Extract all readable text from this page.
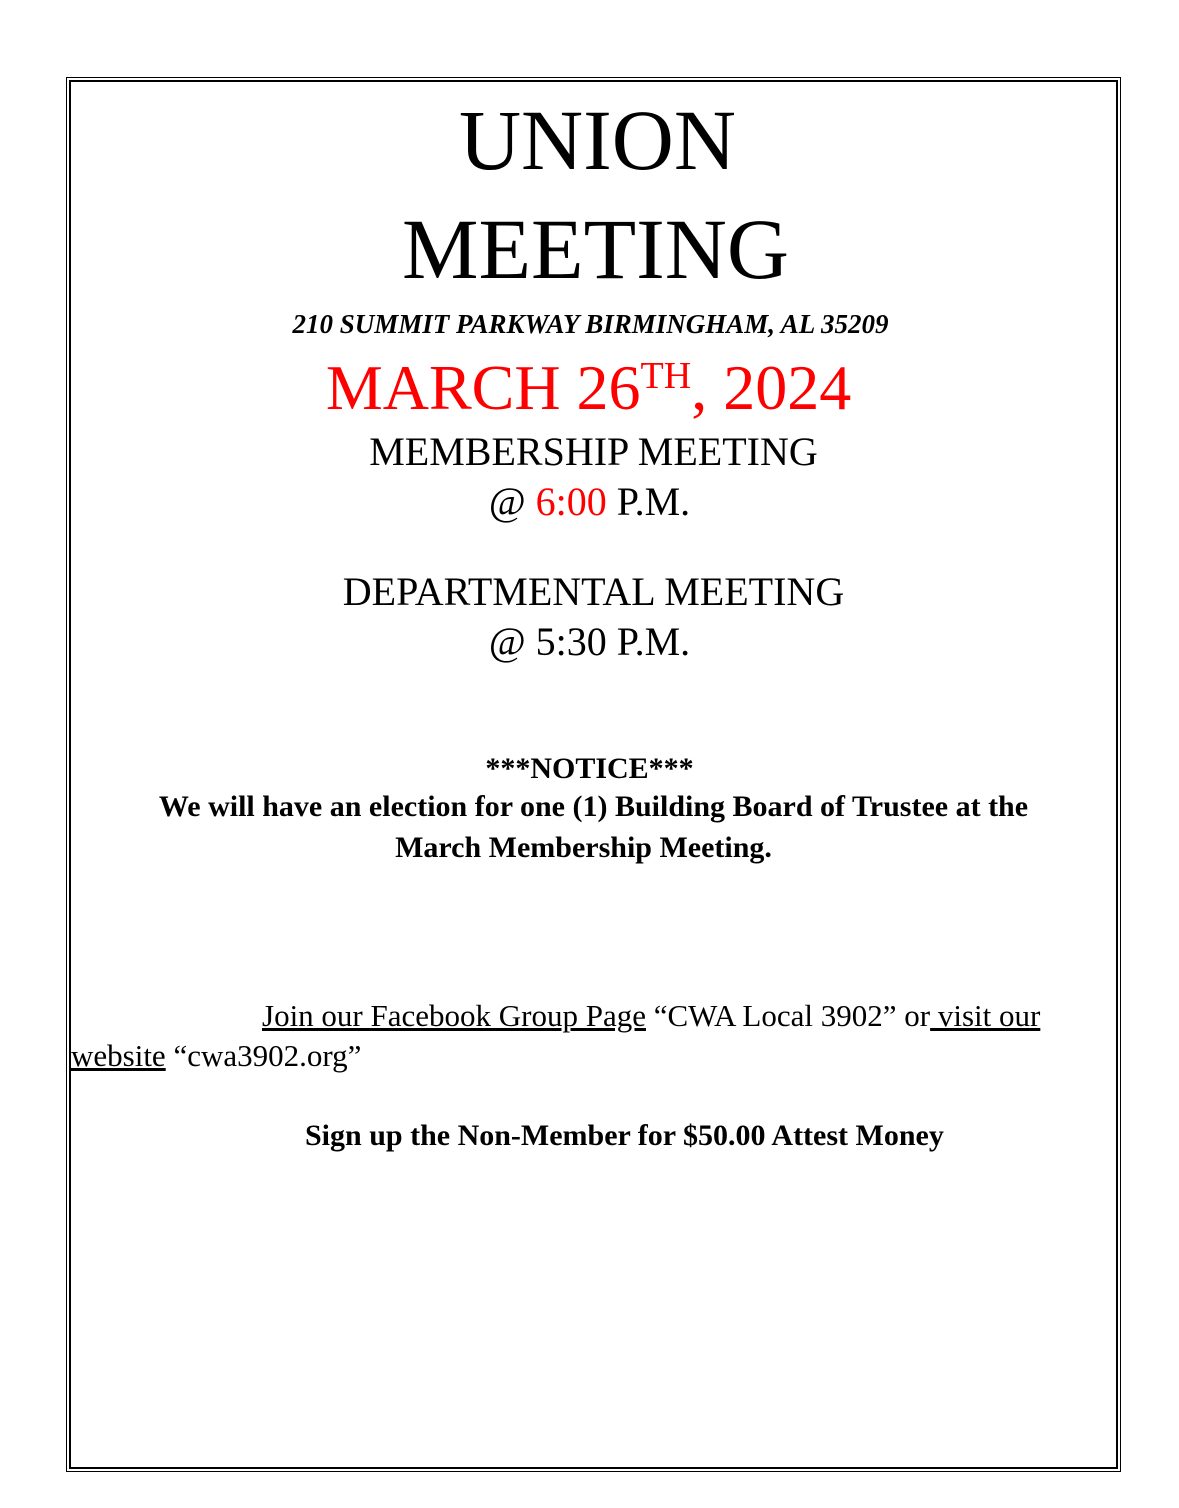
UNION
MEETING
210 SUMMIT PARKWAY BIRMINGHAM, AL 35209
MARCH 26TH, 2024
MEMBERSHIP MEETING
@ 6:00 P.M.
DEPARTMENTAL MEETING
@ 5:30 P.M.
***NOTICE***
We will have an election for one (1) Building Board of Trustee at the
March Membership Meeting.
Join our Facebook Group Page “CWA Local 3902” or visit our website “cwa3902.org”
Sign up the Non-Member for $50.00 Attest Money
